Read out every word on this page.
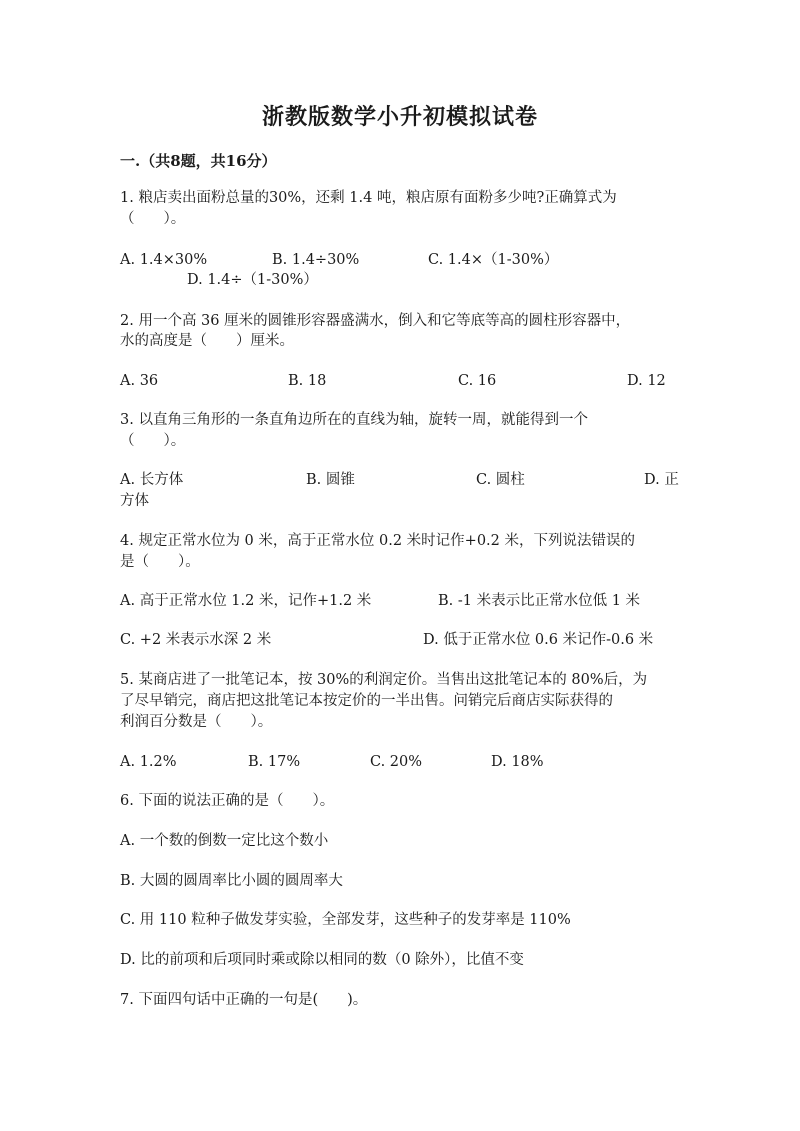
浙教版数学小升初模拟试卷
一.（共8题，共16分）
1. 粮店卖出面粉总量的30%，还剩 1.4 吨，粮店原有面粉多少吨?正确算式为
（　　）。
A. 1.4×30%	B. 1.4÷30%	C. 1.4×（1-30%）
D. 1.4÷（1-30%）
2. 用一个高 36 厘米的圆锥形容器盛满水，倒入和它等底等高的圆柱形容器中，
水的高度是（　　）厘米。
A. 36	B. 18	C. 16	D. 12
3. 以直角三角形的一条直角边所在的直线为轴，旋转一周，就能得到一个
（　　）。
A. 长方体	B. 圆锥	C. 圆柱	D. 正
方体
4. 规定正常水位为 0 米，高于正常水位 0.2 米时记作+0.2 米，下列说法错误的
是（　　）。
A. 高于正常水位 1.2 米，记作+1.2 米	B. -1 米表示比正常水位低 1 米
C. +2 米表示水深 2 米	D. 低于正常水位 0.6 米记作-0.6 米
5. 某商店进了一批笔记本，按 30%的利润定价。当售出这批笔记本的 80%后，为
了尽早销完，商店把这批笔记本按定价的一半出售。问销完后商店实际获得的
利润百分数是（　　）。
A. 1.2%	B. 17%	C. 20%	D. 18%
6. 下面的说法正确的是（　　）。
A. 一个数的倒数一定比这个数小
B. 大圆的圆周率比小圆的圆周率大
C. 用 110 粒种子做发芽实验，全部发芽，这些种子的发芽率是 110%
D. 比的前项和后项同时乘或除以相同的数（0 除外），比值不变
7. 下面四句话中正确的一句是(　　)。
